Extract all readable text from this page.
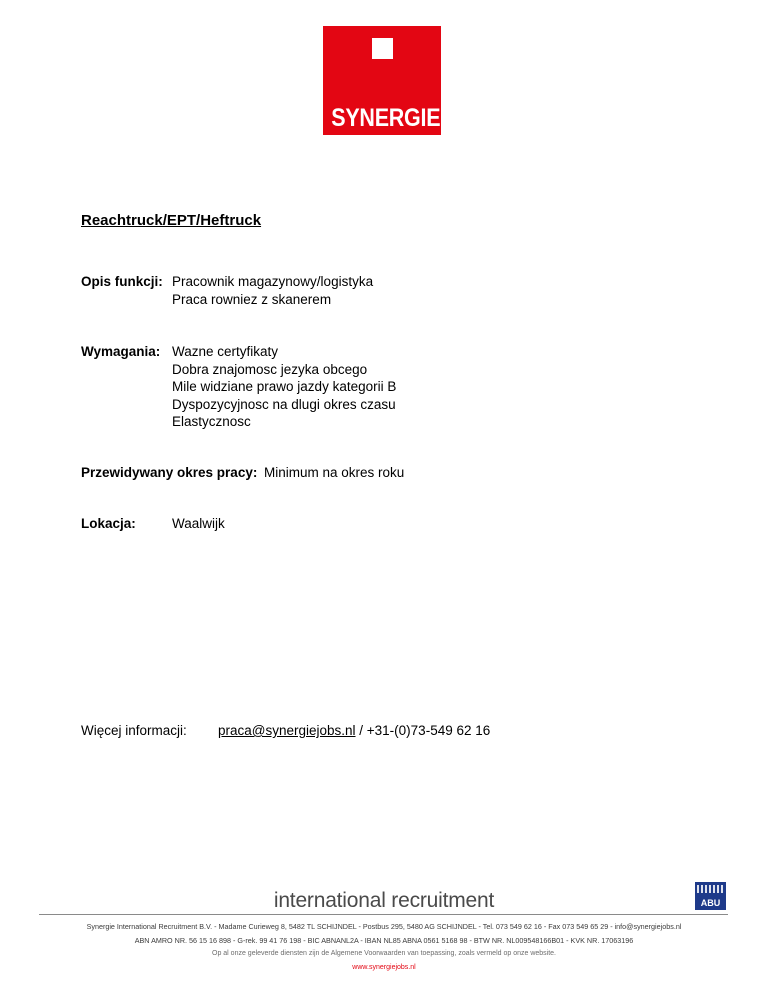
SYNERGIE
Reachtruck/EPT/Heftruck
Opis funkcji: Pracownik magazynowy/logistyka
Praca rowniez z skanerem
Wymagania: Wazne certyfikaty
Dobra znajomosc jezyka obcego
Mile widziane prawo jazdy kategorii B
Dyspozycyjnosc na dlugi okres czasu
Elastycznosc
Przewidywany okres pracy: Minimum na okres roku
Lokacja:	Waalwijk
Więcej informacji: praca@synergiejobs.nl / +31-(0)73-549 62 16
international recruitment	ABU
Synergie International Recruitment B.V. - Madame Curieweg 8, 5482 TL SCHIJNDEL - Postbus 295, 5480 AG SCHIJNDEL - Tel. 073 549 62 16 - Fax 073 549 65 29 - info@synergiejobs.nl
ABN AMRO NR. 56 15 16 898 - G-rek. 99 41 76 198 - BIC ABNANL2A - IBAN NL85 ABNA 0561 5168 98 - BTW NR. NL009548166B01 - KVK NR. 17063196
Op al onze geleverde diensten zijn de Algemene Voorwaarden van toepassing, zoals vermeld op onze website.
www.synergiejobs.nl
